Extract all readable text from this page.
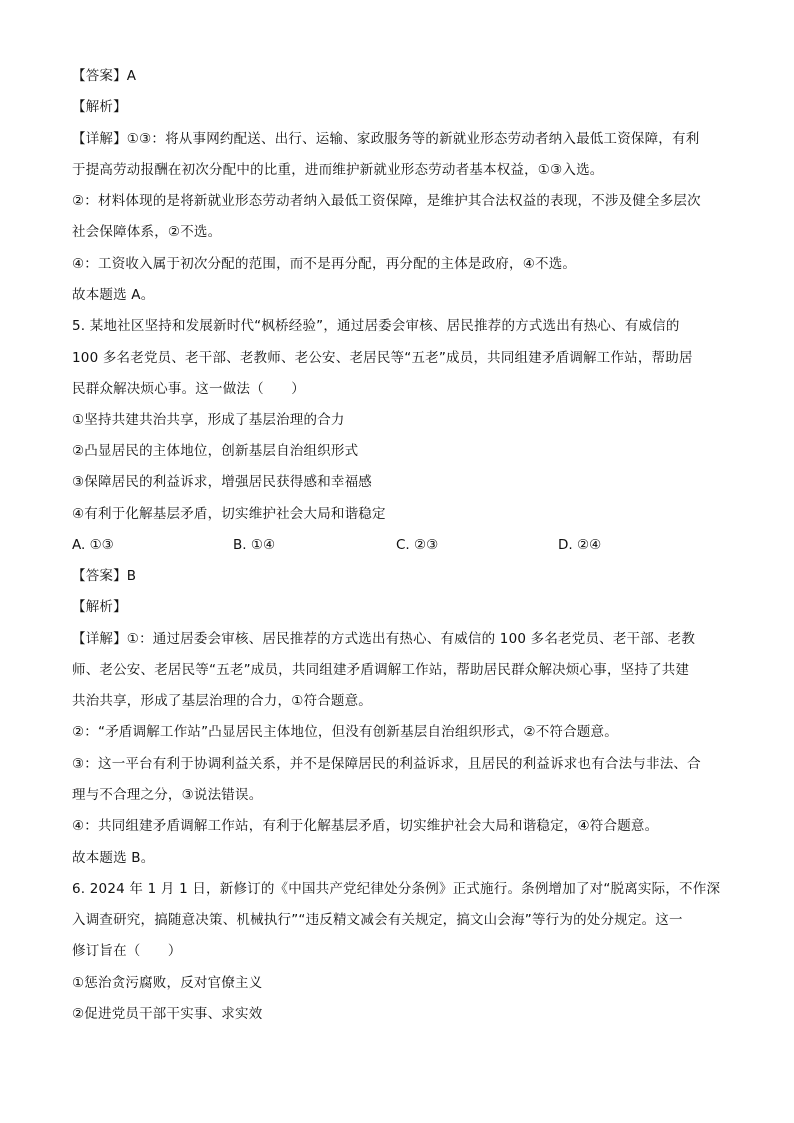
【答案】A
【解析】
【详解】①③：将从事网约配送、出行、运输、家政服务等的新就业形态劳动者纳入最低工资保障，有利
于提高劳动报酬在初次分配中的比重，进而维护新就业形态劳动者基本权益，①③入选。
②：材料体现的是将新就业形态劳动者纳入最低工资保障，是维护其合法权益的表现，不涉及健全多层次
社会保障体系，②不选。
④：工资收入属于初次分配的范围，而不是再分配，再分配的主体是政府，④不选。
故本题选 A。
5. 某地社区坚持和发展新时代“枫桥经验”，通过居委会审核、居民推荐的方式选出有热心、有威信的
100 多名老党员、老干部、老教师、老公安、老居民等“五老”成员，共同组建矛盾调解工作站，帮助居
民群众解决烦心事。这一做法（　　）
①坚持共建共治共享，形成了基层治理的合力
②凸显居民的主体地位，创新基层自治组织形式
③保障居民的利益诉求，增强居民获得感和幸福感
④有利于化解基层矛盾，切实维护社会大局和谐稳定
A. ①③	B. ①④	C. ②③	D. ②④
【答案】B
【解析】
【详解】①：通过居委会审核、居民推荐的方式选出有热心、有威信的 100 多名老党员、老干部、老教
师、老公安、老居民等“五老”成员，共同组建矛盾调解工作站，帮助居民群众解决烦心事，坚持了共建
共治共享，形成了基层治理的合力，①符合题意。
②：“矛盾调解工作站”凸显居民主体地位，但没有创新基层自治组织形式，②不符合题意。
③：这一平台有利于协调利益关系，并不是保障居民的利益诉求，且居民的利益诉求也有合法与非法、合
理与不合理之分，③说法错误。
④：共同组建矛盾调解工作站，有利于化解基层矛盾，切实维护社会大局和谐稳定，④符合题意。
故本题选 B。
6. 2024 年 1 月 1 日，新修订的《中国共产党纪律处分条例》正式施行。条例增加了对“脱离实际，不作深
入调查研究，搞随意决策、机械执行”“违反精文减会有关规定，搞文山会海”等行为的处分规定。这一
修订旨在（　　）
①惩治贪污腐败，反对官僚主义
②促进党员干部干实事、求实效
